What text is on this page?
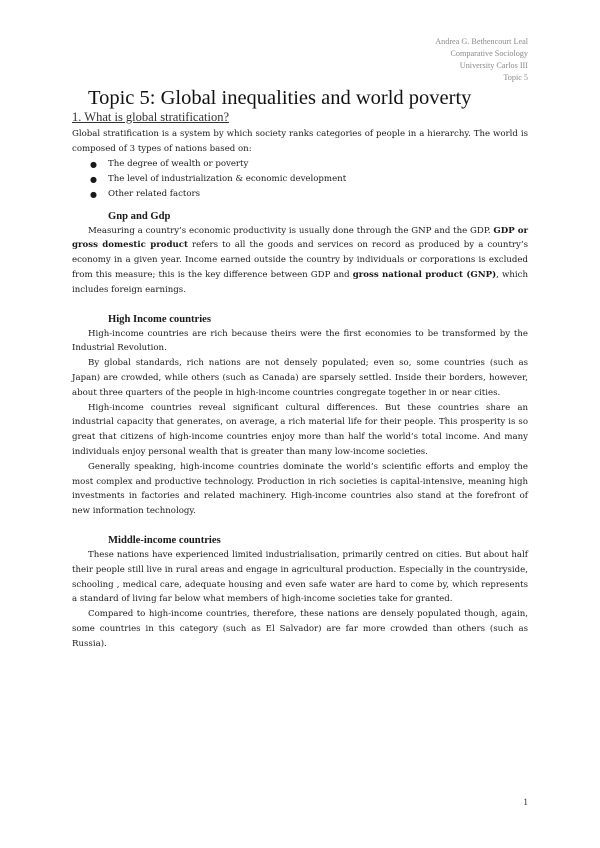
Andrea G. Bethencourt Leal
Comparative Sociology
University Carlos III
Topic 5
Topic 5: Global inequalities and world poverty
1. What is global stratification?

Global stratification is a system by which society ranks categories of people in a hierarchy. The world is composed of 3 types of nations based on:

● The degree of wealth or poverty
● The level of industrialization & economic development
● Other related factors
Gnp and Gdp

Measuring a country’s economic productivity is usually done through the GNP and the GDP. GDP or gross domestic product refers to all the goods and services on record as produced by a country’s economy in a given year. Income earned outside the country by individuals or corporations is excluded from this measure; this is the key difference between GDP and gross national product (GNP), which includes foreign earnings.

High Income countries

High-income countries are rich because theirs were the first economies to be transformed by the Industrial Revolution.

By global standards, rich nations are not densely populated; even so, some countries (such as Japan) are crowded, while others (such as Canada) are sparsely settled. Inside their borders, however, about three quarters of the people in high-income countries congregate together in or near cities.

High-income countries reveal significant cultural differences. But these countries share an industrial capacity that generates, on average, a rich material life for their people. This prosperity is so great that citizens of high-income countries enjoy more than half the world’s total income. And many individuals enjoy personal wealth that is greater than many low-income societies.

Generally speaking, high-income countries dominate the world’s scientific efforts and employ the most complex and productive technology. Production in rich societies is capital-intensive, meaning high investments in factories and related machinery. High-income countries also stand at the forefront of new information technology.

Middle-income countries

These nations have experienced limited industrialisation, primarily centred on cities. But about half their people still live in rural areas and engage in agricultural production. Especially in the countryside, schooling , medical care, adequate housing and even safe water are hard to come by, which represents a standard of living far below what members of high-income societies take for granted.

Compared to high-income countries, therefore, these nations are densely populated though, again, some countries in this category (such as El Salvador) are far more crowded than others (such as Russia).

1
